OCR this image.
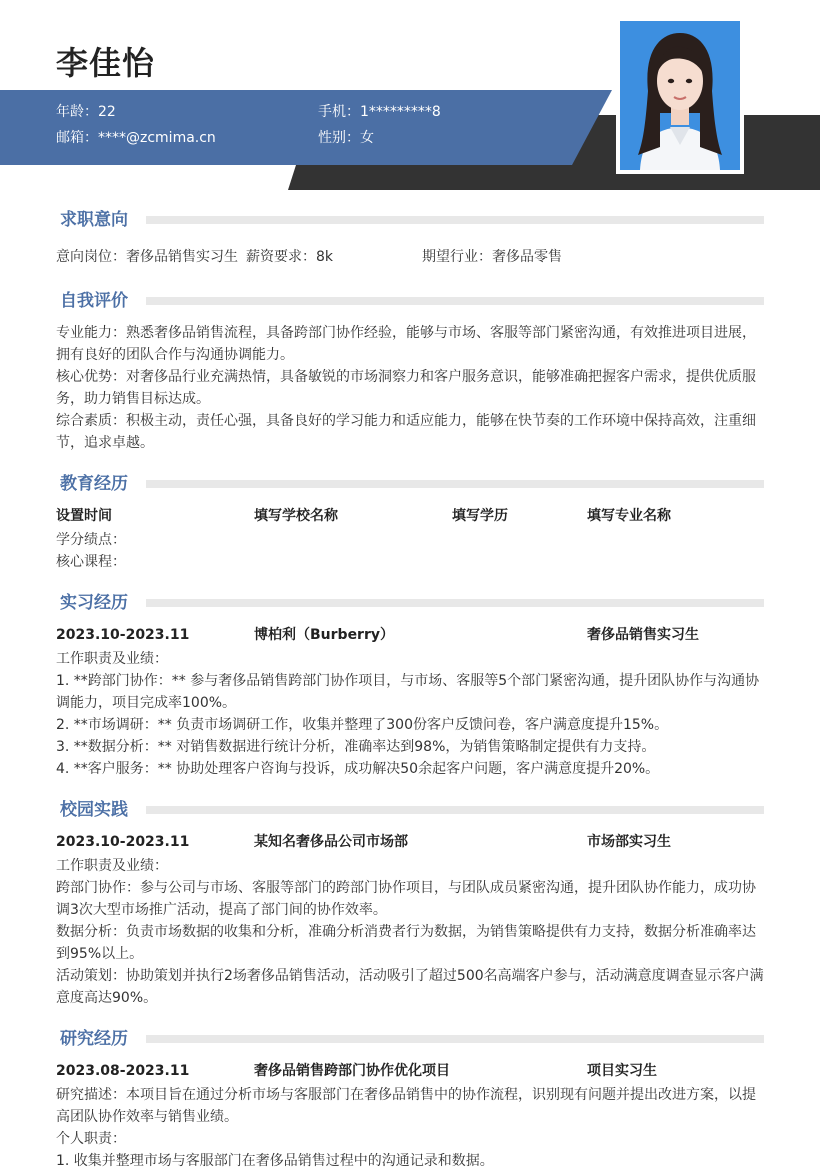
李佳怡
年龄：22	手机：1*********8
邮箱：****@zcmima.cn	性别：女
求职意向
意向岗位：奢侈品销售实习生 薪资要求：8k	期望行业：奢侈品零售
自我评价
专业能力：熟悉奢侈品销售流程，具备跨部门协作经验，能够与市场、客服等部门紧密沟通，有效推进项目进展，拥有良好的团队合作与沟通协调能力。
核心优势：对奢侈品行业充满热情，具备敏锐的市场洞察力和客户服务意识，能够准确把握客户需求，提供优质服务，助力销售目标达成。
综合素质：积极主动，责任心强，具备良好的学习能力和适应能力，能够在快节奏的工作环境中保持高效，注重细节，追求卓越。
教育经历
设置时间	填写学校名称	填写学历	填写专业名称
学分绩点：
核心课程：
实习经历
2023.10-2023.11	博柏利（Burberry）	奢侈品销售实习生
工作职责及业绩：
1. **跨部门协作：** 参与奢侈品销售跨部门协作项目，与市场、客服等5个部门紧密沟通，提升团队协作与沟通协调能力，项目完成率100%。
2. **市场调研：** 负责市场调研工作，收集并整理了300份客户反馈问卷，客户满意度提升15%。
3. **数据分析：** 对销售数据进行统计分析，准确率达到98%，为销售策略制定提供有力支持。
4. **客户服务：** 协助处理客户咨询与投诉，成功解决50余起客户问题，客户满意度提升20%。
校园实践
2023.10-2023.11	某知名奢侈品公司市场部	市场部实习生
工作职责及业绩：
跨部门协作：参与公司与市场、客服等部门的跨部门协作项目，与团队成员紧密沟通，提升团队协作能力，成功协调3次大型市场推广活动，提高了部门间的协作效率。
数据分析：负责市场数据的收集和分析，准确分析消费者行为数据，为销售策略提供有力支持，数据分析准确率达到95%以上。
活动策划：协助策划并执行2场奢侈品销售活动，活动吸引了超过500名高端客户参与，活动满意度调查显示客户满意度高达90%。
研究经历
2023.08-2023.11	奢侈品销售跨部门协作优化项目	项目实习生
研究描述：本项目旨在通过分析市场与客服部门在奢侈品销售中的协作流程，识别现有问题并提出改进方案，以提高团队协作效率与销售业绩。
个人职责：
1. 收集并整理市场与客服部门在奢侈品销售过程中的沟通记录和数据。
